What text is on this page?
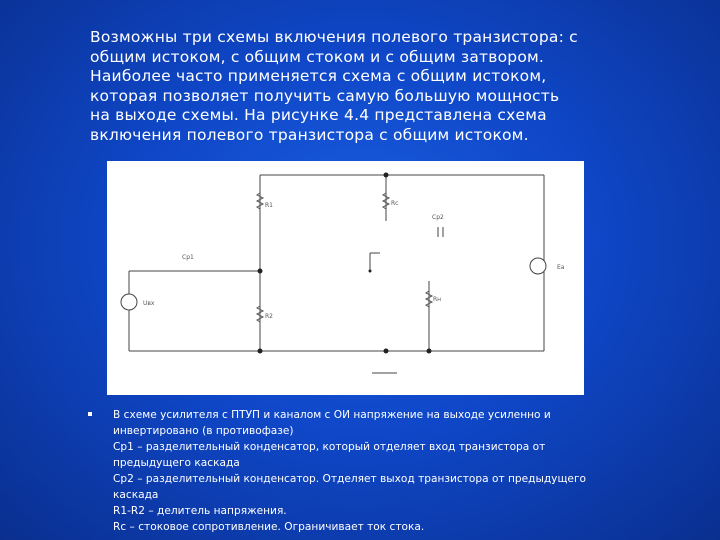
Возможны три схемы включения полевого транзистора: с
общим истоком, с общим стоком и с общим затвором.
Наиболее часто применяется схема с общим истоком,
которая позволяет получить самую большую мощность
на выходе схемы. На рисунке 4.4 представлена схема
включения полевого транзистора с общим истоком.
R1	Rc
Cp2
Cp1
Ea
Uвх
Rн
R2
В схеме усилителя с ПТУП и каналом с ОИ напряжение на выходе усиленно и
инвертировано (в противофазе)
Ср1 – разделительный конденсатор, который отделяет вход транзистора от
предыдущего каскада
Ср2 – разделительный конденсатор. Отделяет выход транзистора от предыдущего
каскада
R1-R2 – делитель напряжения.
Rc – стоковое сопротивление. Ограничивает ток стока.
